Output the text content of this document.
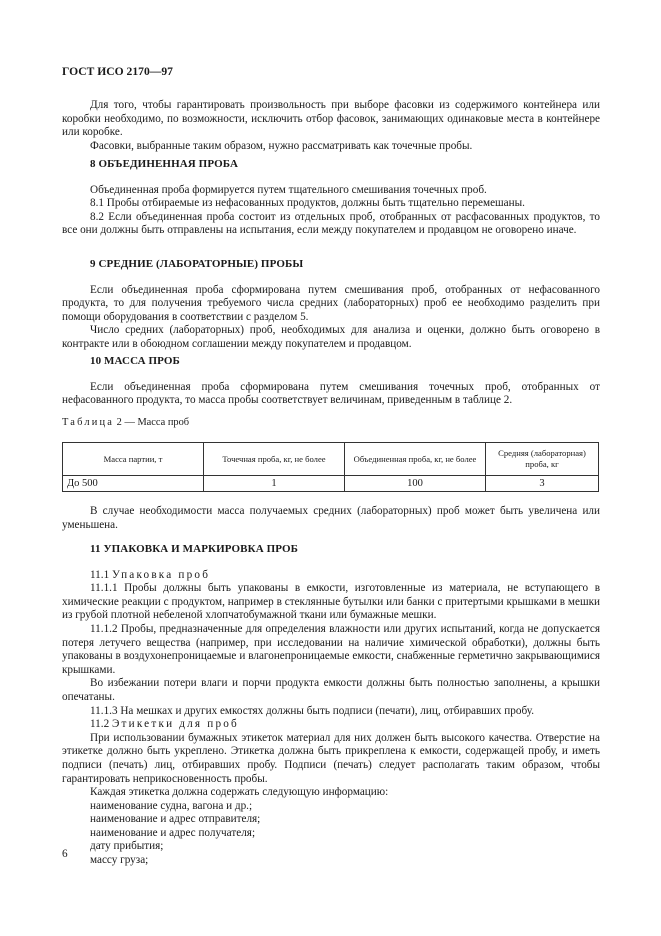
ГОСТ ИСО 2170—97

Для того, чтобы гарантировать произвольность при выборе фасовки из содержимого контейнера или коробки необходимо, по возможности, исключить отбор фасовок, занимающих одинаковые места в контейнере или коробке.

Фасовки, выбранные таким образом, нужно рассматривать как точечные пробы.

8 ОБЪЕДИНЕННАЯ ПРОБА

Объединенная проба формируется путем тщательного смешивания точечных проб.

8.1 Пробы отбираемые из нефасованных продуктов, должны быть тщательно перемешаны.

8.2 Если объединенная проба состоит из отдельных проб, отобранных от расфасованных продуктов, то все они должны быть отправлены на испытания, если между покупателем и продавцом не оговорено иначе.

9 СРЕДНИЕ (ЛАБОРАТОРНЫЕ) ПРОБЫ

Если объединенная проба сформирована путем смешивания проб, отобранных от нефасованного продукта, то для получения требуемого числа средних (лабораторных) проб ее необходимо разделить при помощи оборудования в соответствии с разделом 5.

Число средних (лабораторных) проб, необходимых для анализа и оценки, должно быть оговорено в контракте или в обоюдном соглашении между покупателем и продавцом.

10 МАССА ПРОБ

Если объединенная проба сформирована путем смешивания точечных проб, отобранных от нефасованного продукта, то масса пробы соответствует величинам, приведенным в таблице 2.

Таблица 2 — Масса проб
Масса партии, т	Точечная проба, кг, не более	Объединенная проба, кг, не более	Средняя (лабораторная) проба, кг
До 500	1	100	3

В случае необходимости масса получаемых средних (лабораторных) проб может быть увеличена или уменьшена.

11 УПАКОВКА И МАРКИРОВКА ПРОБ

11.1 Упаковка проб

11.1.1 Пробы должны быть упакованы в емкости, изготовленные из материала, не вступающего в химические реакции с продуктом, например в стеклянные бутылки или банки с притертыми крышками в мешки из грубой плотной небеленой хлопчатобумажной ткани или бумажные мешки.

11.1.2 Пробы, предназначенные для определения влажности или других испытаний, когда не допускается потеря летучего вещества (например, при исследовании на наличие химической обработки), должны быть упакованы в воздухонепроницаемые и влагонепроницаемые емкости, снабженные герметично закрывающимися крышками.

Во избежании потери влаги и порчи продукта емкости должны быть полностью заполнены, а крышки опечатаны.

11.1.3 На мешках и других емкостях должны быть подписи (печати), лиц, отбиравших пробу.

11.2 Этикетки для проб

При использовании бумажных этикеток материал для них должен быть высокого качества. Отверстие на этикетке должно быть укреплено. Этикетка должна быть прикреплена к емкости, содержащей пробу, и иметь подписи (печать) лиц, отбиравших пробу. Подписи (печать) следует располагать таким образом, чтобы гарантировать неприкосновенность пробы.

Каждая этикетка должна содержать следующую информацию:

наименование судна, вагона и др.;

наименование и адрес отправителя;

наименование и адрес получателя;

дату прибытия;

массу груза;

6
